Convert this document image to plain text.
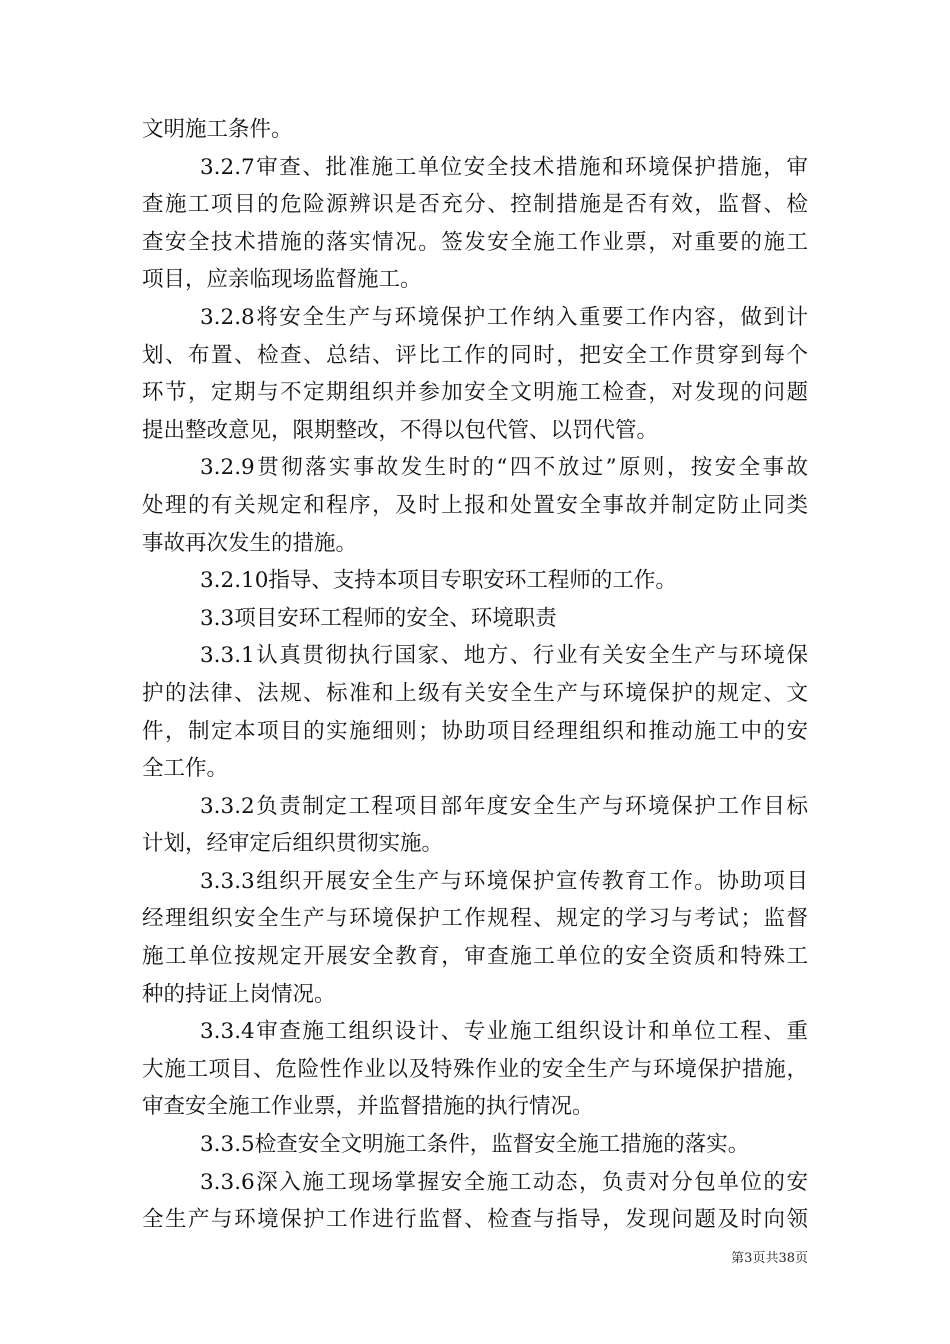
文明施工条件。
3.2.7审查、批准施工单位安全技术措施和环境保护措施，审
查施工项目的危险源辨识是否充分、控制措施是否有效，监督、检
查安全技术措施的落实情况。签发安全施工作业票，对重要的施工
项目，应亲临现场监督施工。
3.2.8将安全生产与环境保护工作纳入重要工作内容，做到计
划、布置、检查、总结、评比工作的同时，把安全工作贯穿到每个
环节，定期与不定期组织并参加安全文明施工检查，对发现的问题
提出整改意见，限期整改，不得以包代管、以罚代管。
3.2.9贯彻落实事故发生时的“四不放过”原则，按安全事故
处理的有关规定和程序，及时上报和处置安全事故并制定防止同类
事故再次发生的措施。
3.2.10指导、支持本项目专职安环工程师的工作。
3.3项目安环工程师的安全、环境职责
3.3.1认真贯彻执行国家、地方、行业有关安全生产与环境保
护的法律、法规、标准和上级有关安全生产与环境保护的规定、文
件，制定本项目的实施细则；协助项目经理组织和推动施工中的安
全工作。
3.3.2负责制定工程项目部年度安全生产与环境保护工作目标
计划，经审定后组织贯彻实施。
3.3.3组织开展安全生产与环境保护宣传教育工作。协助项目
经理组织安全生产与环境保护工作规程、规定的学习与考试；监督
施工单位按规定开展安全教育，审查施工单位的安全资质和特殊工
种的持证上岗情况。
3.3.4审查施工组织设计、专业施工组织设计和单位工程、重
大施工项目、危险性作业以及特殊作业的安全生产与环境保护措施，
审查安全施工作业票，并监督措施的执行情况。
3.3.5检查安全文明施工条件，监督安全施工措施的落实。
3.3.6深入施工现场掌握安全施工动态，负责对分包单位的安
全生产与环境保护工作进行监督、检查与指导，发现问题及时向领
第3页共38页
